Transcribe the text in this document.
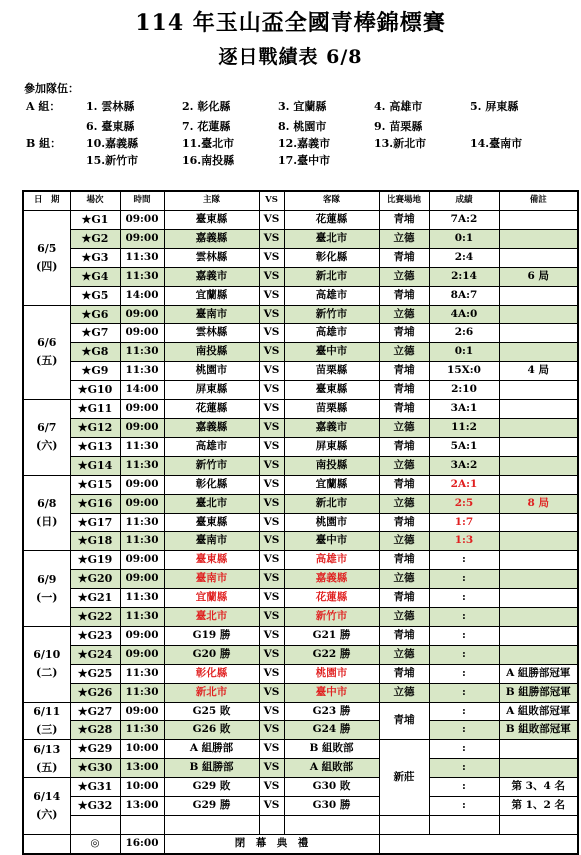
114 年玉山盃全國青棒錦標賽
逐日戰績表 6/8
參加隊伍：
A 組： 1. 雲林縣	2. 彰化縣	3. 宜蘭縣	4. 高雄市	5. 屏東縣
6. 臺東縣	7. 花蓮縣	8. 桃園市	9. 苗栗縣
B 組： 10.嘉義縣	11.臺北市	12.嘉義市	13.新北市	14.臺南市
15.新竹市	16.南投縣	17.臺中市
日　期	場次	時間	主隊	VS	客隊	比賽場地	成績	備註

6/5
(四)	★G1	09:00	臺東縣	VS	花蓮縣	青埔	7A:2	
	★G2	09:00	嘉義縣	VS	臺北市	立德	0:1	
	★G3	11:30	雲林縣	VS	彰化縣	青埔	2:4	
	★G4	11:30	嘉義市	VS	新北市	立德	2:14	6 局
	★G5	14:00	宜蘭縣	VS	高雄市	青埔	8A:7	

6/6
(五)	★G6	09:00	臺南市	VS	新竹市	立德	4A:0	
	★G7	09:00	雲林縣	VS	高雄市	青埔	2:6	
	★G8	11:30	南投縣	VS	臺中市	立德	0:1	
	★G9	11:30	桃園市	VS	苗栗縣	青埔	15X:0	4 局
	★G10	14:00	屏東縣	VS	臺東縣	青埔	2:10	

6/7
(六)	★G11	09:00	花蓮縣	VS	苗栗縣	青埔	3A:1	
	★G12	09:00	嘉義縣	VS	嘉義市	立德	11:2	
	★G13	11:30	高雄市	VS	屏東縣	青埔	5A:1	
	★G14	11:30	新竹市	VS	南投縣	立德	3A:2	

6/8
(日)	★G15	09:00	彰化縣	VS	宜蘭縣	青埔	2A:1	
	★G16	09:00	臺北市	VS	新北市	立德	2:5	8 局
	★G17	11:30	臺東縣	VS	桃園市	青埔	1:7	
	★G18	11:30	臺南市	VS	臺中市	立德	1:3	

6/9
(一)	★G19	09:00	臺東縣	VS	高雄市	青埔	:	
	★G20	09:00	臺南市	VS	嘉義縣	立德	:	
	★G21	11:30	宜蘭縣	VS	花蓮縣	青埔	:	
	★G22	11:30	臺北市	VS	新竹市	立德	:	

6/10
(二)	★G23	09:00	G19 勝	VS	G21 勝	青埔	:	
	★G24	09:00	G20 勝	VS	G22 勝	立德	:	
	★G25	11:30	彰化縣	VS	桃園市	青埔	:	A 組勝部冠軍
	★G26	11:30	新北市	VS	臺中市	立德	:	B 組勝部冠軍

6/11
(三)	★G27	09:00	G25 敗	VS	G23 勝	青埔	:	A 組敗部冠軍
	★G28	11:30	G26 敗	VS	G24 勝		:	B 組敗部冠軍

6/13
(五)	★G29	10:00	A 組勝部	VS	B 組敗部	新莊	:	
	★G30	13:00	B 組勝部	VS	A 組敗部		:	

6/14
(六)	★G31	10:00	G29 敗	VS	G30 敗		:	第 3、4 名
	★G32	13:00	G29 勝	VS	G30 勝		:	第 1、2 名

	◎	16:00	閉　幕　典　禮					
